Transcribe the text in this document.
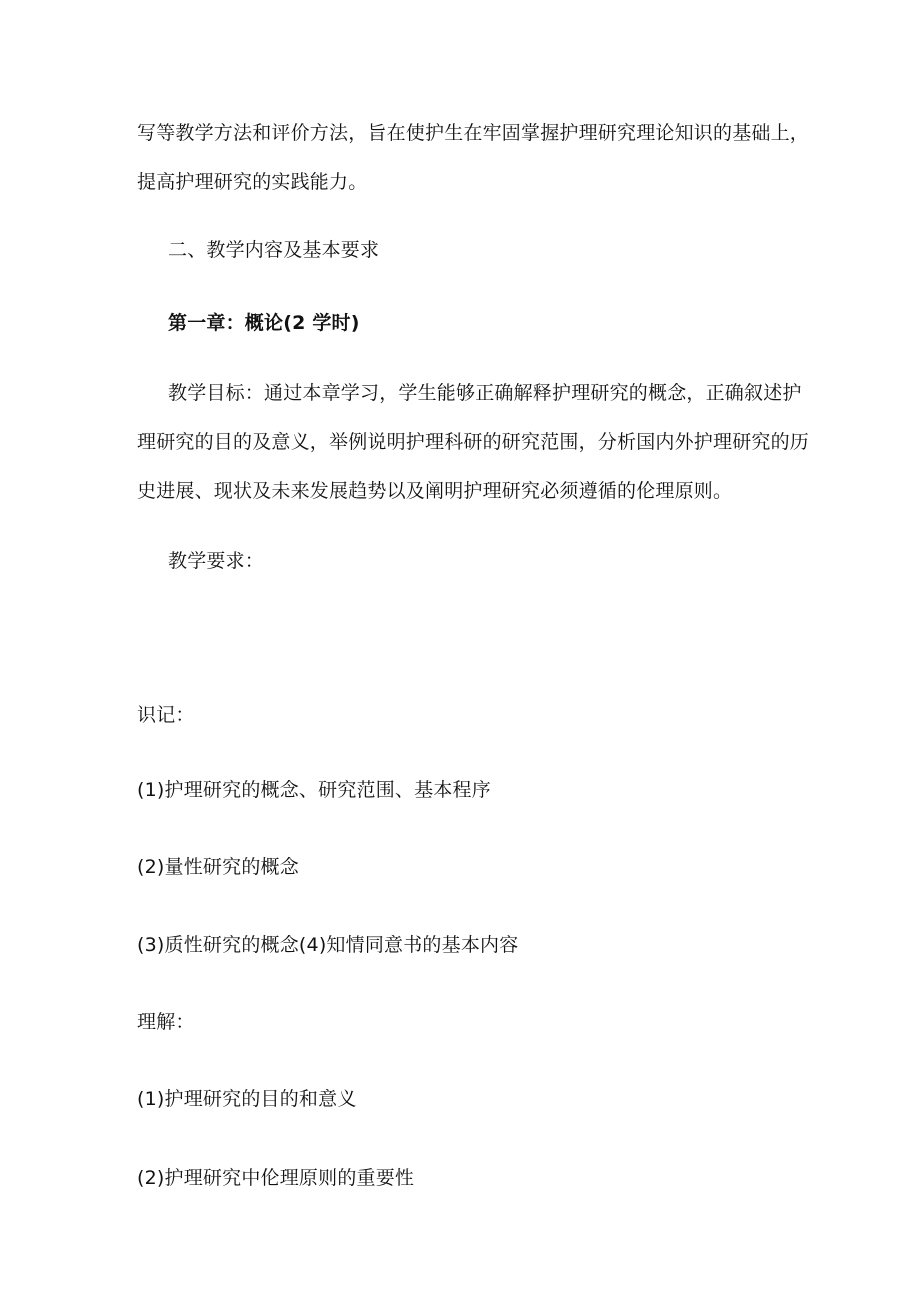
写等教学方法和评价方法，旨在使护生在牢固掌握护理研究理论知识的基础上，
提高护理研究的实践能力。
二、教学内容及基本要求
第一章：概论(2 学时)
教学目标：通过本章学习，学生能够正确解释护理研究的概念，正确叙述护
理研究的目的及意义，举例说明护理科研的研究范围，分析国内外护理研究的历
史进展、现状及未来发展趋势以及阐明护理研究必须遵循的伦理原则。
教学要求：
识记：
(1)护理研究的概念、研究范围、基本程序
(2)量性研究的概念
(3)质性研究的概念(4)知情同意书的基本内容
理解：
(1)护理研究的目的和意义
(2)护理研究中伦理原则的重要性
